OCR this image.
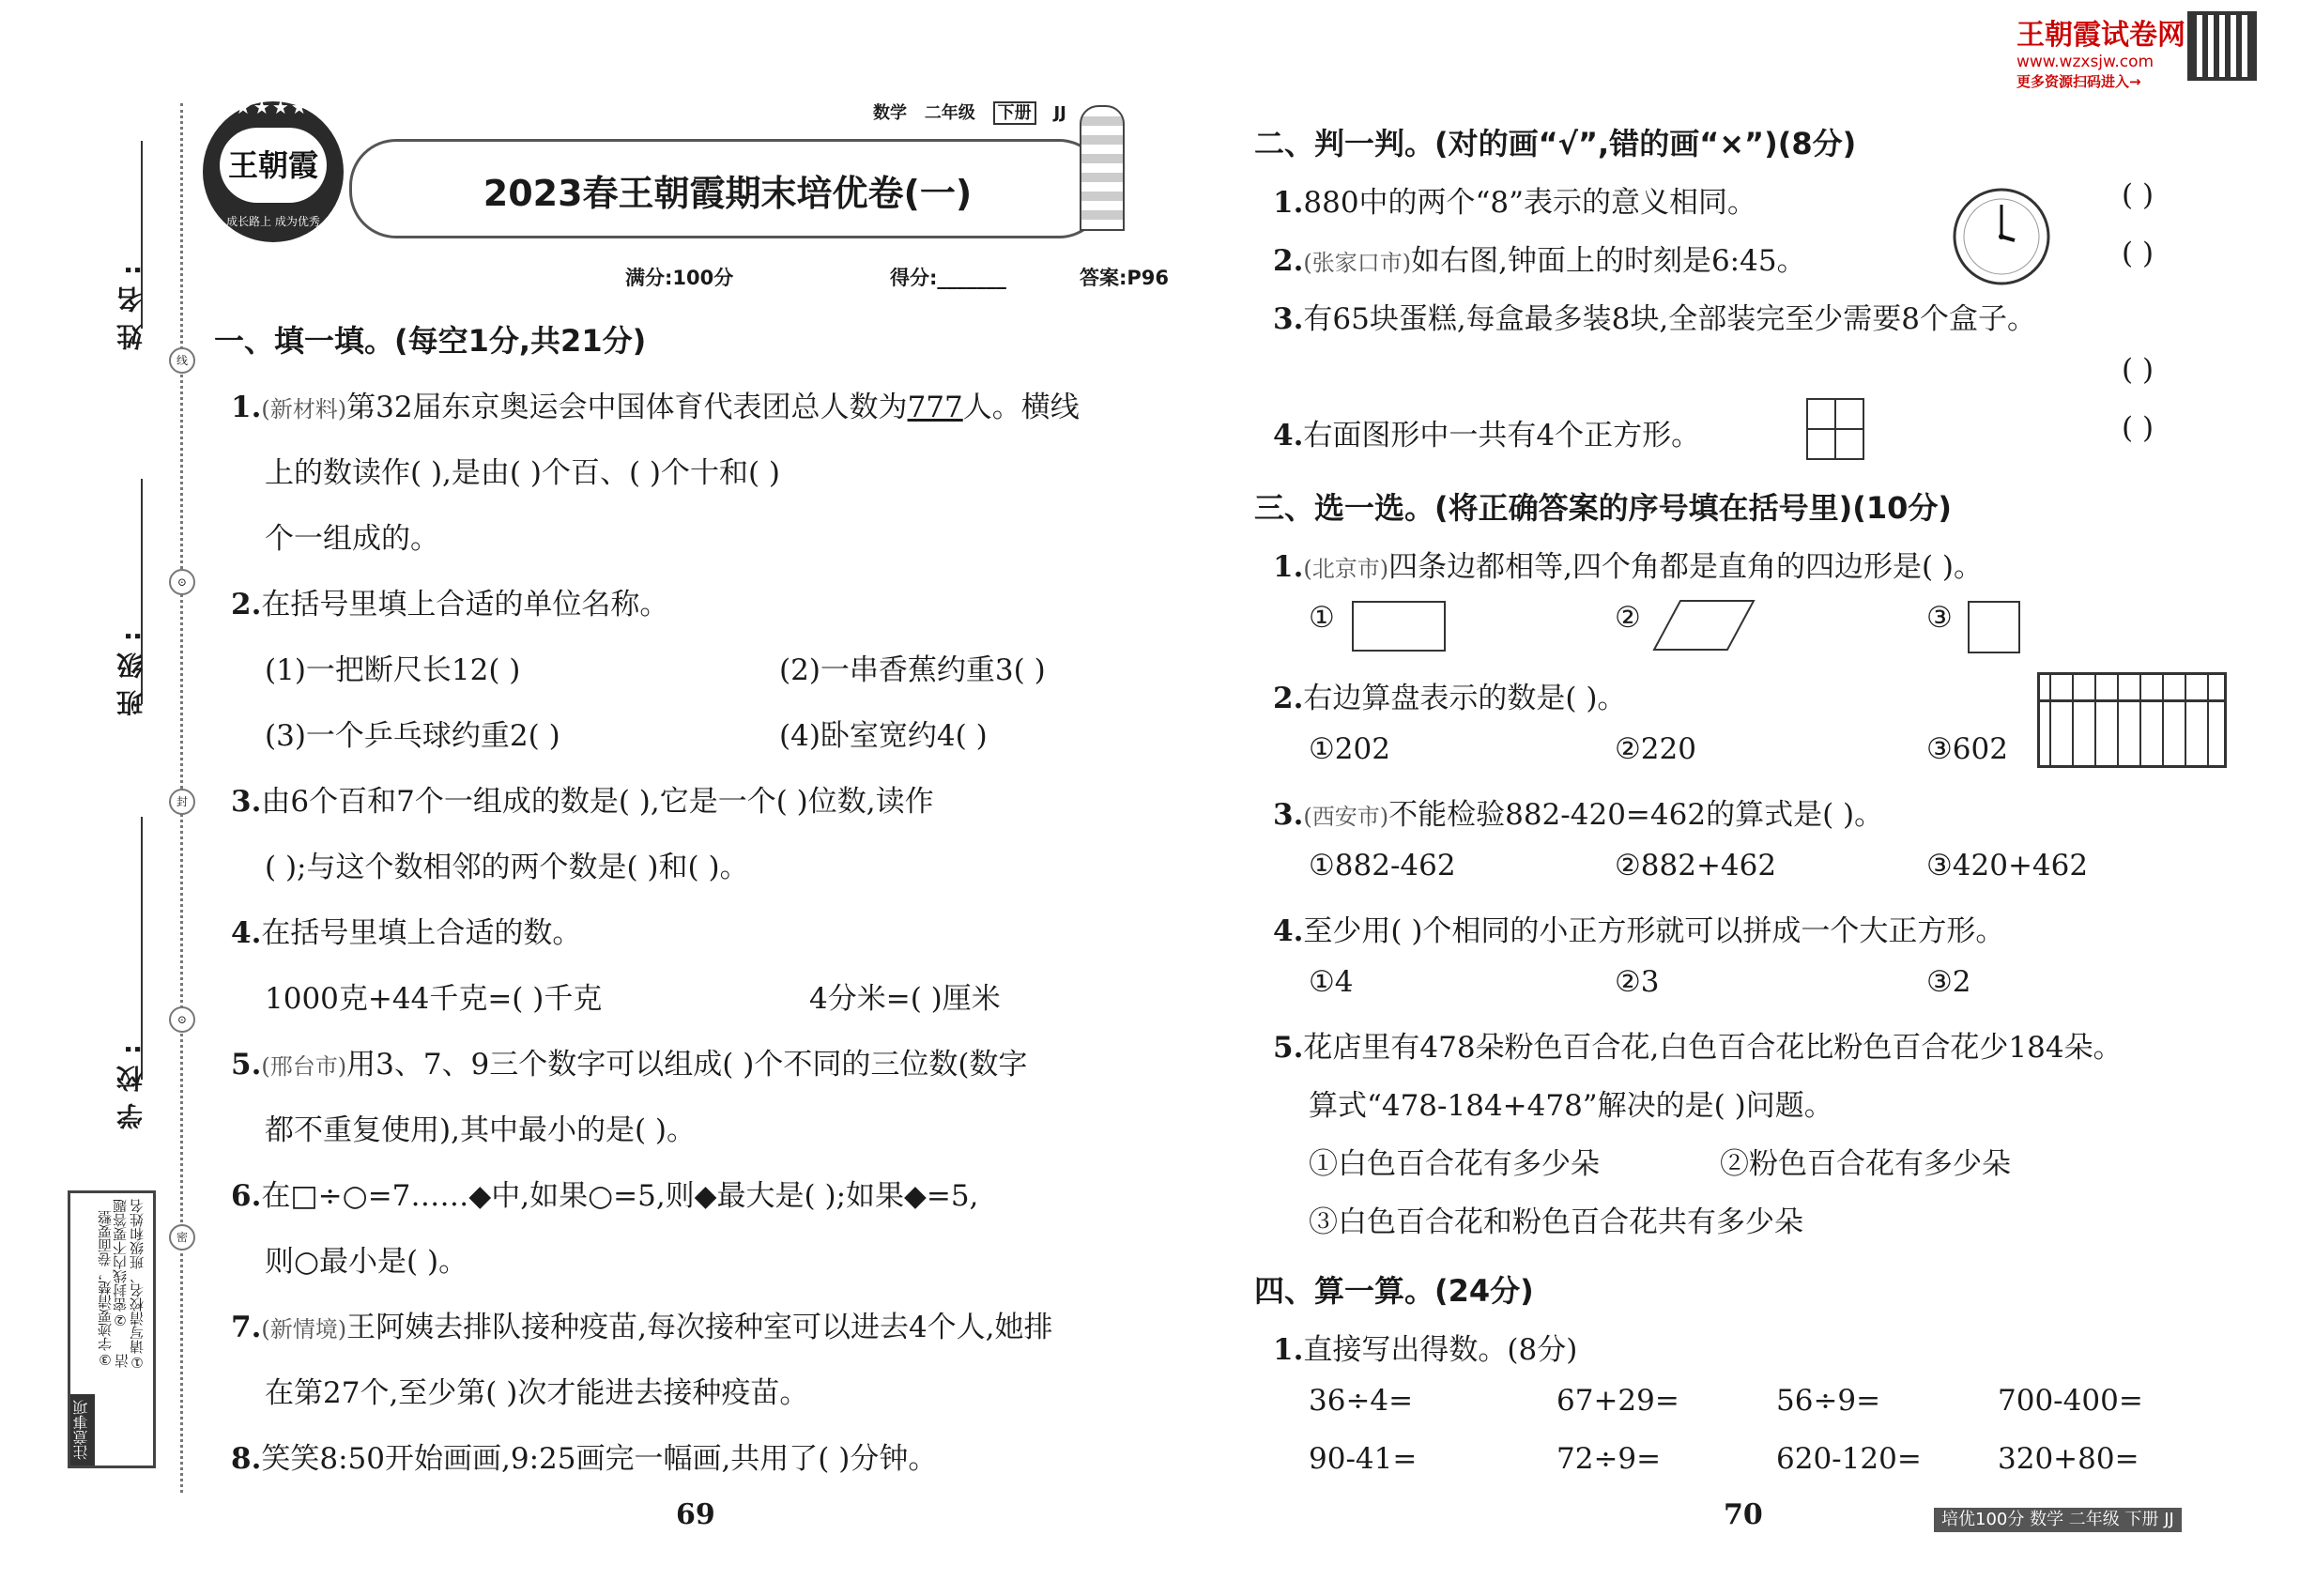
王朝霞试卷网
www.wzxsjw.com
更多资源扫码进入→
姓名:
班级:
学校:
①请写清校名、班级和姓名
②密封线内不要答题
③字迹要清楚，卷面要整洁
注意事项
线
⊙
封
⊙
密
★★★★★
王朝霞
成长路上 成为优秀
数学 二年级 下册 JJ
2023春王朝霞期末培优卷(一)
满分:100分	得分:_______	答案:P96
一、填一填。(每空1分,共21分)
1.(新材料)第32届东京奥运会中国体育代表团总人数为777人。横线
上的数读作( ),是由( )个百、( )个十和( )
个一组成的。
2.在括号里填上合适的单位名称。
(1)一把断尺长12( )	(2)一串香蕉约重3( )
(3)一个乒乓球约重2( )	(4)卧室宽约4( )
3.由6个百和7个一组成的数是( ),它是一个( )位数,读作
( );与这个数相邻的两个数是( )和( )。
4.在括号里填上合适的数。
1000克+44千克=( )千克	4分米=( )厘米
5.(邢台市)用3、7、9三个数字可以组成( )个不同的三位数(数字
都不重复使用),其中最小的是( )。
6.在□÷○=7……◆中,如果○=5,则◆最大是( );如果◆=5,
则○最小是( )。
7.(新情境)王阿姨去排队接种疫苗,每次接种室可以进去4个人,她排
在第27个,至少第( )次才能进去接种疫苗。
8.笑笑8:50开始画画,9:25画完一幅画,共用了( )分钟。
69
二、判一判。(对的画“√”,错的画“×”)(8分)
1.880中的两个“8”表示的意义相同。	( )
2.(张家口市)如右图,钟面上的时刻是6:45。	( )
3.有65块蛋糕,每盒最多装8块,全部装完至少需要8个盒子。
( )
4.右面图形中一共有4个正方形。	( )
三、选一选。(将正确答案的序号填在括号里)(10分)
1.(北京市)四条边都相等,四个角都是直角的四边形是( )。
①	②	③
2.右边算盘表示的数是( )。
①202	②220	③602
3.(西安市)不能检验882-420=462的算式是( )。
①882-462	②882+462	③420+462
4.至少用( )个相同的小正方形就可以拼成一个大正方形。
①4	②3	③2
5.花店里有478朵粉色百合花,白色百合花比粉色百合花少184朵。
算式“478-184+478”解决的是( )问题。
①白色百合花有多少朵	②粉色百合花有多少朵
③白色百合花和粉色百合花共有多少朵
四、算一算。(24分)
1.直接写出得数。(8分)
36÷4=	67+29=	56÷9=	700-400=
90-41=	72÷9=	620-120=	320+80=
70	培优100分 数学 二年级 下册 JJ
